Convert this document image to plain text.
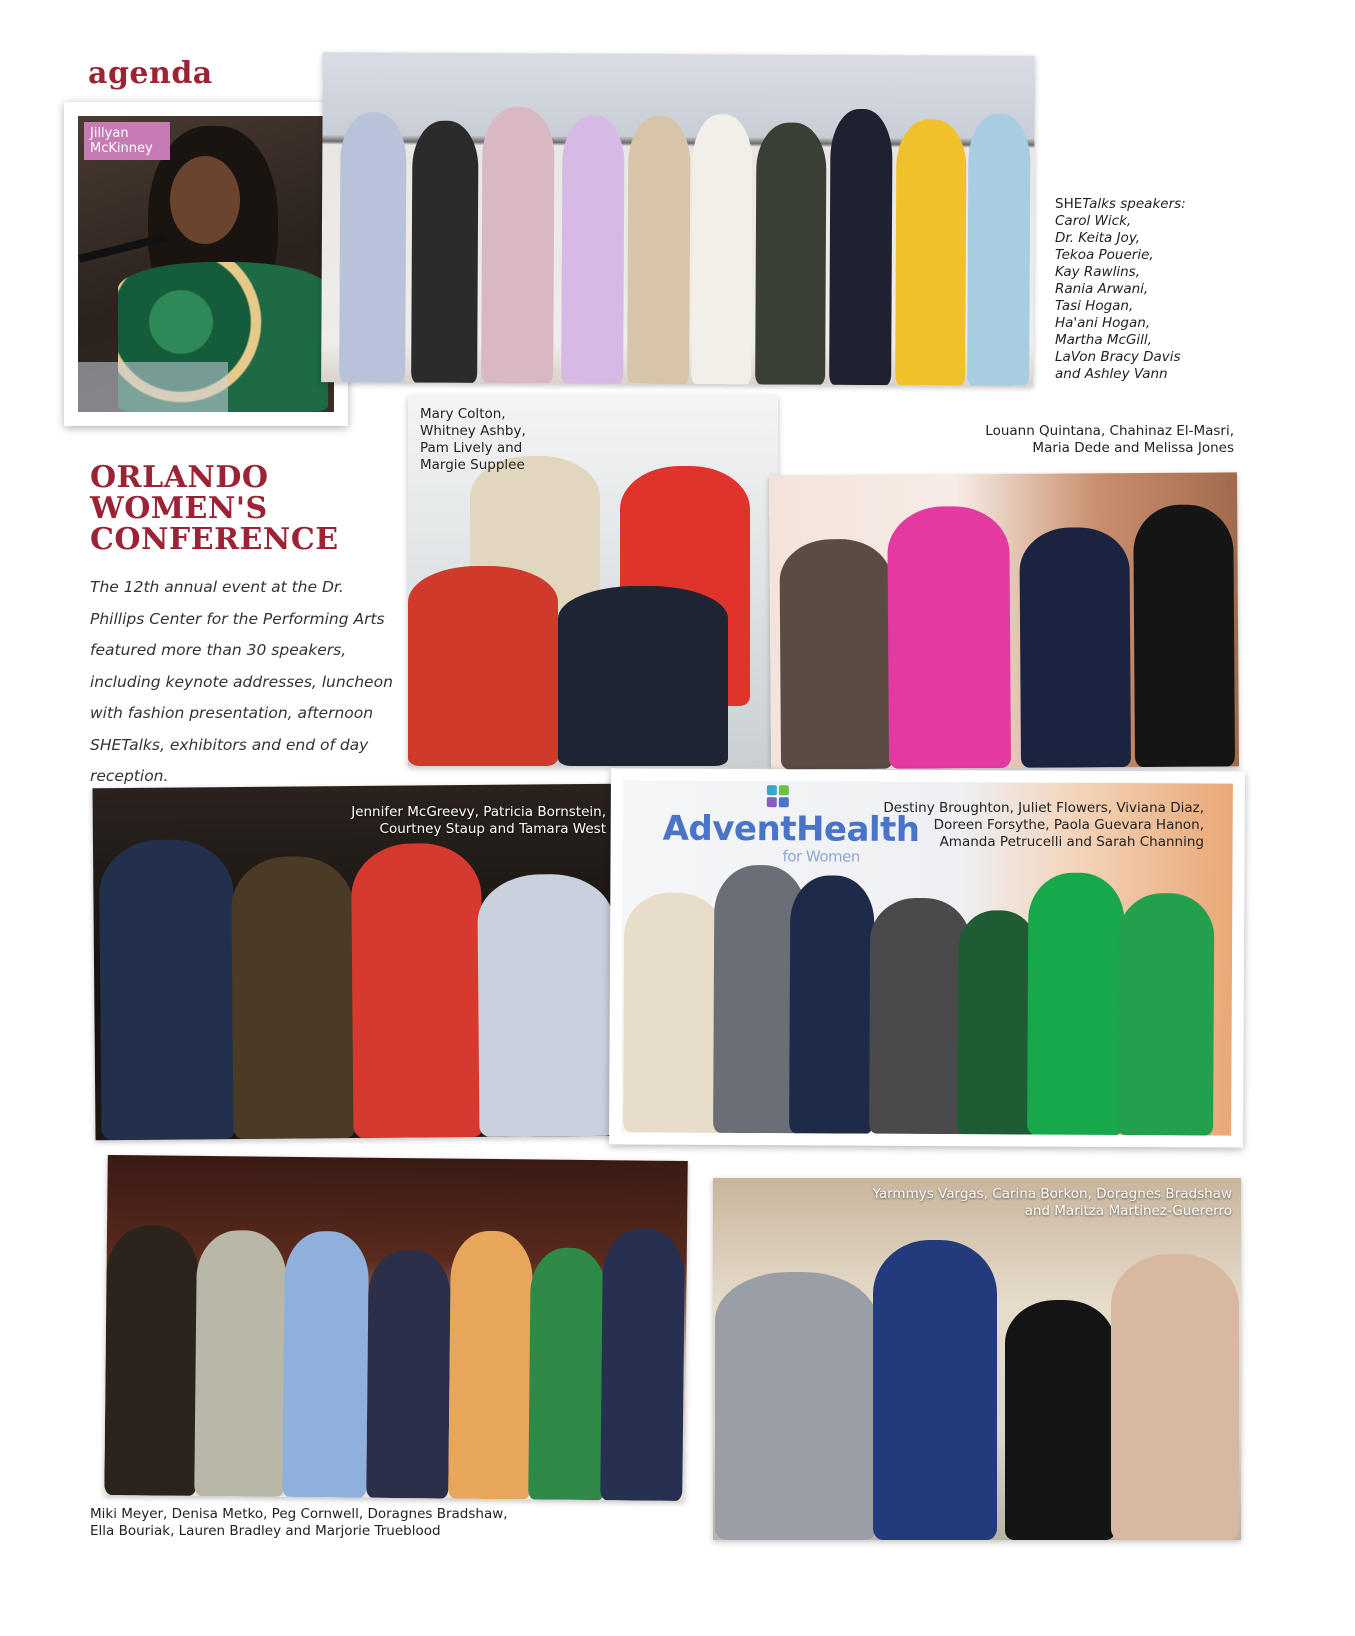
agenda
Jillyan McKinney
SHETalks speakers:
Carol Wick,
Dr. Keita Joy,
Tekoa Pouerie,
Kay Rawlins,
Rania Arwani,
Tasi Hogan,
Ha'ani Hogan,
Martha McGill,
LaVon Bracy Davis
and Ashley Vann
ORLANDO
WOMEN'S
CONFERENCE
The 12th annual event at the Dr. Phillips Center for the Performing Arts featured more than 30 speakers, including keynote addresses, luncheon with fashion presentation, afternoon SHETalks, exhibitors and end of day reception.
Mary Colton,
Whitney Ashby,
Pam Lively and
Margie Supplee
Louann Quintana, Chahinaz El-Masri,
Maria Dede and Melissa Jones
Jennifer McGreevy, Patricia Bornstein,
Courtney Staup and Tamara West AdventHealth
for Women
Destiny Broughton, Juliet Flowers, Viviana Diaz,
Doreen Forsythe, Paola Guevara Hanon,
Amanda Petrucelli and Sarah Channing
Miki Meyer, Denisa Metko, Peg Cornwell, Doragnes Bradshaw,
Ella Bouriak, Lauren Bradley and Marjorie Trueblood
Yarmmys Vargas, Carina Borkon, Doragnes Bradshaw
and Maritza Martinez-Guererro
